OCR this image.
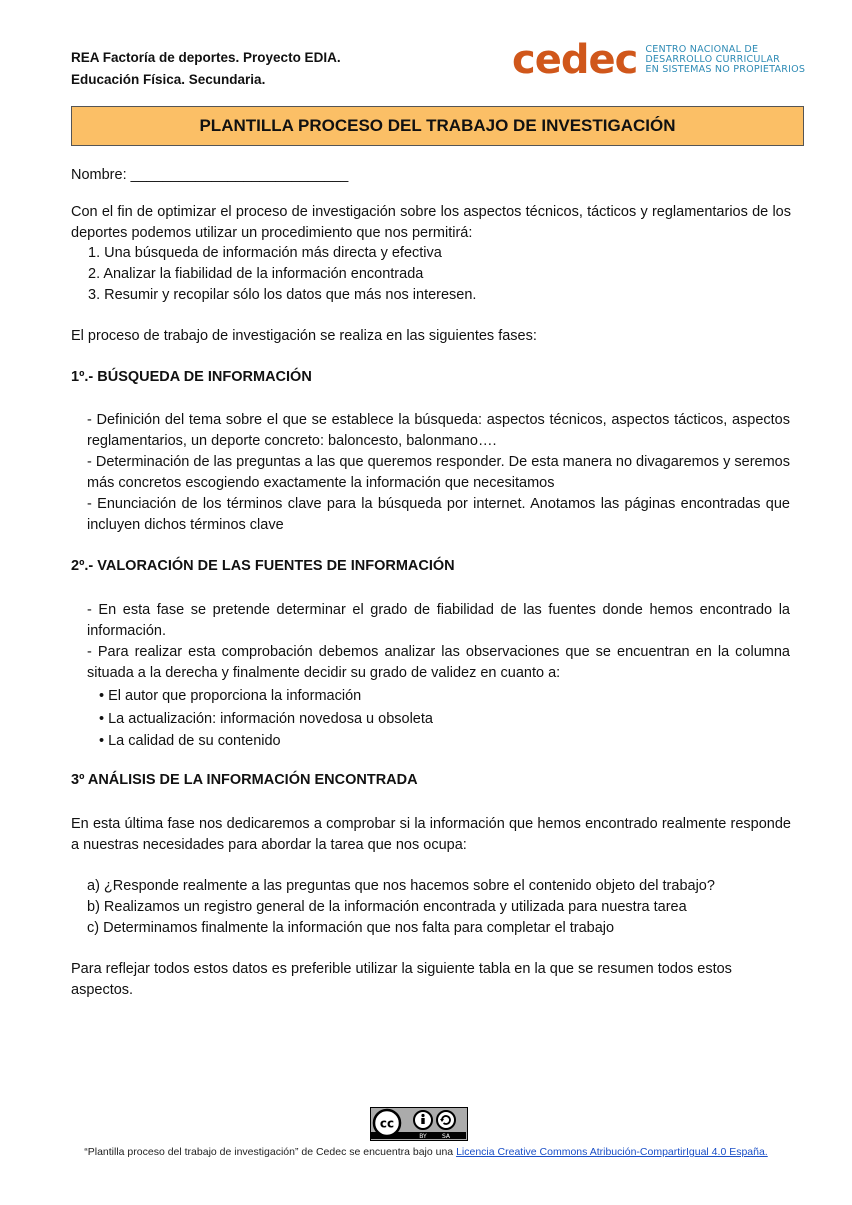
REA Factoría de deportes. Proyecto EDIA.
Educación Física. Secundaria.	cedec CENTRO NACIONAL DE
DESARROLLO CURRICULAR
EN SISTEMAS NO PROPIETARIOS
PLANTILLA PROCESO DEL TRABAJO DE INVESTIGACIÓN
Nombre: ___________________________
Con el fin de optimizar el proceso de investigación sobre los aspectos técnicos, tácticos y reglamentarios de los deportes podemos utilizar un procedimiento que nos permitirá:
1. Una búsqueda de información más directa y efectiva
2. Analizar la fiabilidad de la información encontrada
3. Resumir y recopilar sólo los datos que más nos interesen.
El proceso de trabajo de investigación se realiza en las siguientes fases:
1º.- BÚSQUEDA DE INFORMACIÓN
- Definición del tema sobre el que se establece la búsqueda: aspectos técnicos, aspectos tácticos, aspectos reglamentarios, un deporte concreto: baloncesto, balonmano….
- Determinación de las preguntas a las que queremos responder. De esta manera no divagaremos y seremos más concretos escogiendo exactamente la información que necesitamos
- Enunciación de los términos clave para la búsqueda por internet. Anotamos las páginas encontradas que incluyen dichos términos clave
2º.- VALORACIÓN DE LAS FUENTES DE INFORMACIÓN
- En esta fase se pretende determinar el grado de fiabilidad de las fuentes donde hemos encontrado la información.
- Para realizar esta comprobación debemos analizar las observaciones que se encuentran en la columna situada a la derecha y finalmente decidir su grado de validez en cuanto a:
• El autor que proporciona la información
• La actualización: información novedosa u obsoleta
• La calidad de su contenido
3º ANÁLISIS DE LA INFORMACIÓN ENCONTRADA
En esta última fase nos dedicaremos a comprobar si la información que hemos encontrado realmente responde a nuestras necesidades para abordar la tarea que nos ocupa:
a) ¿Responde realmente a las preguntas que nos hacemos sobre el contenido objeto del trabajo?
b) Realizamos un registro general de la información encontrada y utilizada para nuestra tarea
c) Determinamos finalmente la información que nos falta para completar el trabajo
Para reflejar todos estos datos es preferible utilizar la siguiente tabla en la que se resumen todos estos aspectos.
cc
BY	SA
“Plantilla proceso del trabajo de investigación” de Cedec se encuentra bajo una Licencia Creative Commons Atribución-CompartirIgual 4.0 España.
